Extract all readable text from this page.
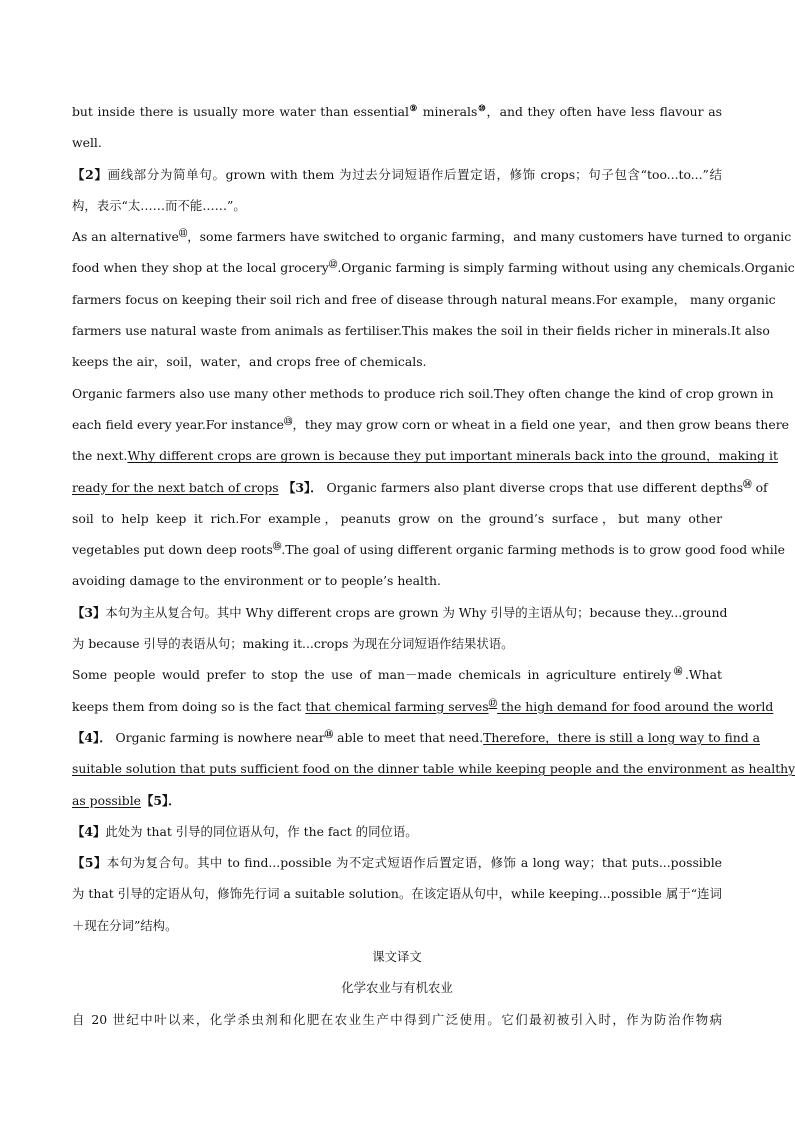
but inside there is usually more water than essential⑨ minerals⑩，and they often have less flavour as
well.
【2】画线部分为简单句。grown with them 为过去分词短语作后置定语，修饰 crops；句子包含“too...to...”结
构，表示“太……而不能……”。
As an alternative⑪，some farmers have switched to organic farming，and many customers have turned to organic
food when they shop at the local grocery⑫.Organic farming is simply farming without using any chemicals.Organic
farmers focus on keeping their soil rich and free of disease through natural means.For example， many organic
farmers use natural waste from animals as fertiliser.This makes the soil in their fields richer in minerals.It also
keeps the air，soil，water，and crops free of chemicals.
Organic farmers also use many other methods to produce rich soil.They often change the kind of crop grown in
each field every year.For instance⑬，they may grow corn or wheat in a field one year，and then grow beans there
the next.Why different crops are grown is because they put important minerals back into the ground，making it
ready for the next batch of crops 【3】． Organic farmers also plant diverse crops that use different depths⑭ of
soil to help keep it rich.For example，peanuts grow on the ground’s surface，but many other
vegetables put down deep roots⑮.The goal of using different organic farming methods is to grow good food while
avoiding damage to the environment or to people’s health.
【3】本句为主从复合句。其中 Why different crops are grown 为 Why 引导的主语从句；because they...ground
为 because 引导的表语从句；making it...crops 为现在分词短语作结果状语。
Some people would prefer to stop the use of man－made chemicals in agriculture entirely⑯.What
keeps them from doing so is the fact that chemical farming serves⑰ the high demand for food around the world
【4】． Organic farming is nowhere near⑱ able to meet that need.Therefore，there is still a long way to find a
suitable solution that puts sufficient food on the dinner table while keeping people and the environment as healthy
as possible【5】．
【4】此处为 that 引导的同位语从句，作 the fact 的同位语。
【5】本句为复合句。其中 to find...possible 为不定式短语作后置定语，修饰 a long way；that puts...possible
为 that 引导的定语从句，修饰先行词 a suitable solution。在该定语从句中，while keeping...possible 属于“连词
＋现在分词”结构。
课文译文
化学农业与有机农业
自 20 世纪中叶以来，化学杀虫剂和化肥在农业生产中得到广泛使用。它们最初被引入时，作为防治作物病
